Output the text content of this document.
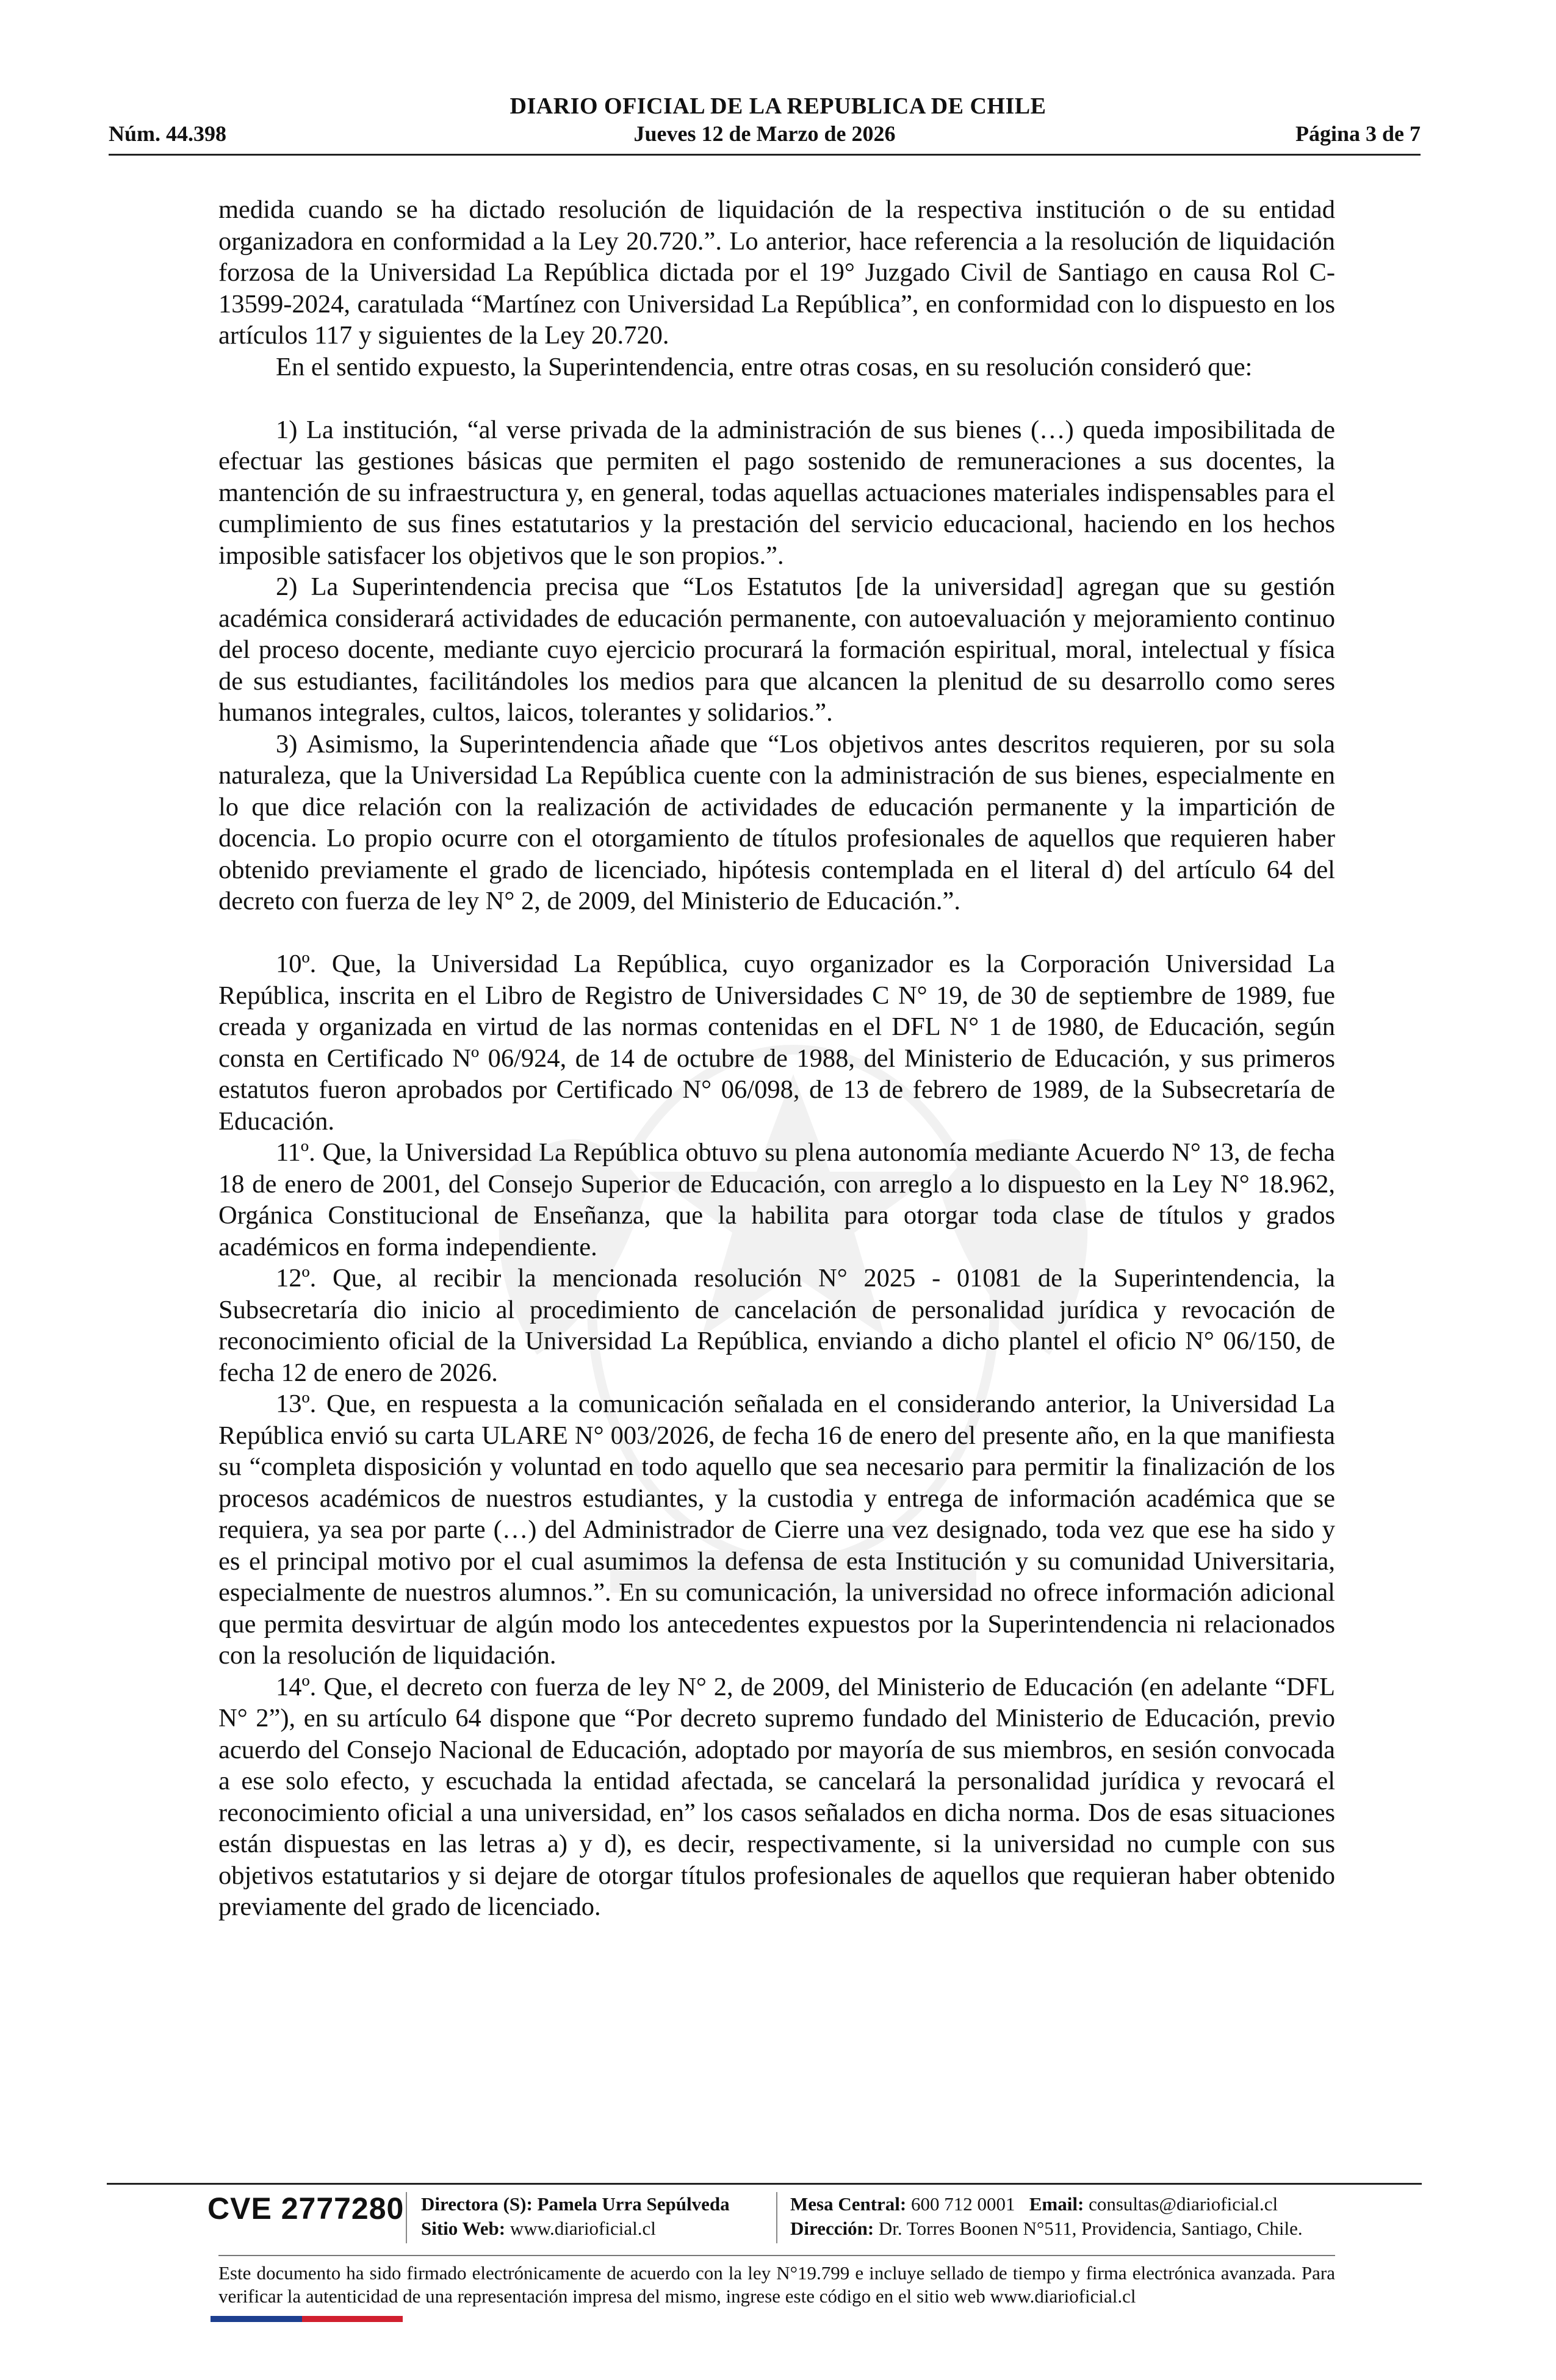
DIARIO OFICIAL DE LA REPUBLICA DE CHILE
Núm. 44.398	Jueves 12 de Marzo de 2026	Página 3 de 7

medida cuando se ha dictado resolución de liquidación de la respectiva institución o de su entidad organizadora en conformidad a la Ley 20.720.”. Lo anterior, hace referencia a la resolución de liquidación forzosa de la Universidad La República dictada por el 19° Juzgado Civil de Santiago en causa Rol C-13599-2024, caratulada “Martínez con Universidad La República”, en conformidad con lo dispuesto en los artículos 117 y siguientes de la Ley 20.720.

En el sentido expuesto, la Superintendencia, entre otras cosas, en su resolución consideró que:

1) La institución, “al verse privada de la administración de sus bienes (…) queda imposibilitada de efectuar las gestiones básicas que permiten el pago sostenido de remuneraciones a sus docentes, la mantención de su infraestructura y, en general, todas aquellas actuaciones materiales indispensables para el cumplimiento de sus fines estatutarios y la prestación del servicio educacional, haciendo en los hechos imposible satisfacer los objetivos que le son propios.”.

2) La Superintendencia precisa que “Los Estatutos [de la universidad] agregan que su gestión académica considerará actividades de educación permanente, con autoevaluación y mejoramiento continuo del proceso docente, mediante cuyo ejercicio procurará la formación espiritual, moral, intelectual y física de sus estudiantes, facilitándoles los medios para que alcancen la plenitud de su desarrollo como seres humanos integrales, cultos, laicos, tolerantes y solidarios.”.

3) Asimismo, la Superintendencia añade que “Los objetivos antes descritos requieren, por su sola naturaleza, que la Universidad La República cuente con la administración de sus bienes, especialmente en lo que dice relación con la realización de actividades de educación permanente y la impartición de docencia. Lo propio ocurre con el otorgamiento de títulos profesionales de aquellos que requieren haber obtenido previamente el grado de licenciado, hipótesis contemplada en el literal d) del artículo 64 del decreto con fuerza de ley N° 2, de 2009, del Ministerio de Educación.”.

10º. Que, la Universidad La República, cuyo organizador es la Corporación Universidad La República, inscrita en el Libro de Registro de Universidades C N° 19, de 30 de septiembre de 1989, fue creada y organizada en virtud de las normas contenidas en el DFL N° 1 de 1980, de Educación, según consta en Certificado Nº 06/924, de 14 de octubre de 1988, del Ministerio de Educación, y sus primeros estatutos fueron aprobados por Certificado N° 06/098, de 13 de febrero de 1989, de la Subsecretaría de Educación.

11º. Que, la Universidad La República obtuvo su plena autonomía mediante Acuerdo N° 13, de fecha 18 de enero de 2001, del Consejo Superior de Educación, con arreglo a lo dispuesto en la Ley N° 18.962, Orgánica Constitucional de Enseñanza, que la habilita para otorgar toda clase de títulos y grados académicos en forma independiente.

12º. Que, al recibir la mencionada resolución N° 2025 - 01081 de la Superintendencia, la Subsecretaría dio inicio al procedimiento de cancelación de personalidad jurídica y revocación de reconocimiento oficial de la Universidad La República, enviando a dicho plantel el oficio N° 06/150, de fecha 12 de enero de 2026.

13º. Que, en respuesta a la comunicación señalada en el considerando anterior, la Universidad La República envió su carta ULARE N° 003/2026, de fecha 16 de enero del presente año, en la que manifiesta su “completa disposición y voluntad en todo aquello que sea necesario para permitir la finalización de los procesos académicos de nuestros estudiantes, y la custodia y entrega de información académica que se requiera, ya sea por parte (…) del Administrador de Cierre una vez designado, toda vez que ese ha sido y es el principal motivo por el cual asumimos la defensa de esta Institución y su comunidad Universitaria, especialmente de nuestros alumnos.”. En su comunicación, la universidad no ofrece información adicional que permita desvirtuar de algún modo los antecedentes expuestos por la Superintendencia ni relacionados con la resolución de liquidación.

14º. Que, el decreto con fuerza de ley N° 2, de 2009, del Ministerio de Educación (en adelante “DFL N° 2”), en su artículo 64 dispone que “Por decreto supremo fundado del Ministerio de Educación, previo acuerdo del Consejo Nacional de Educación, adoptado por mayoría de sus miembros, en sesión convocada a ese solo efecto, y escuchada la entidad afectada, se cancelará la personalidad jurídica y revocará el reconocimiento oficial a una universidad, en” los casos señalados en dicha norma. Dos de esas situaciones están dispuestas en las letras a) y d), es decir, respectivamente, si la universidad no cumple con sus objetivos estatutarios y si dejare de otorgar títulos profesionales de aquellos que requieran haber obtenido previamente del grado de licenciado.

CVE 2777280 Directora (S): Pamela Urra Sepúlveda
Sitio Web: www.diarioficial.cl
Mesa Central: 600 712 0001 Email: consultas@diarioficial.cl
Dirección: Dr. Torres Boonen N°511, Providencia, Santiago, Chile.
Este documento ha sido firmado electrónicamente de acuerdo con la ley N°19.799 e incluye sellado de tiempo y firma electrónica avanzada. Para verificar la autenticidad de una representación impresa del mismo, ingrese este código en el sitio web www.diarioficial.cl
